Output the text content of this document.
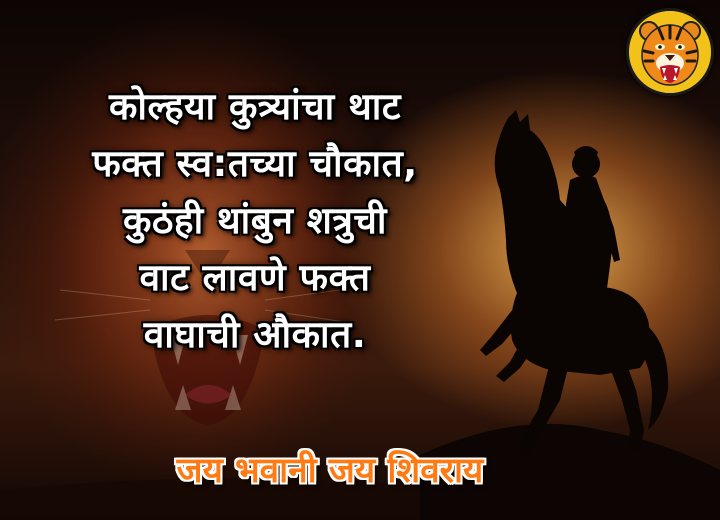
कोल्हया कुत्र्यांचा थाट
फक्त स्व:तच्या चौकात,
कुठंही थांबुन शत्रुची
वाट लावणे फक्त
वाघाची औकात.
जय भवानी जय शिवराय
